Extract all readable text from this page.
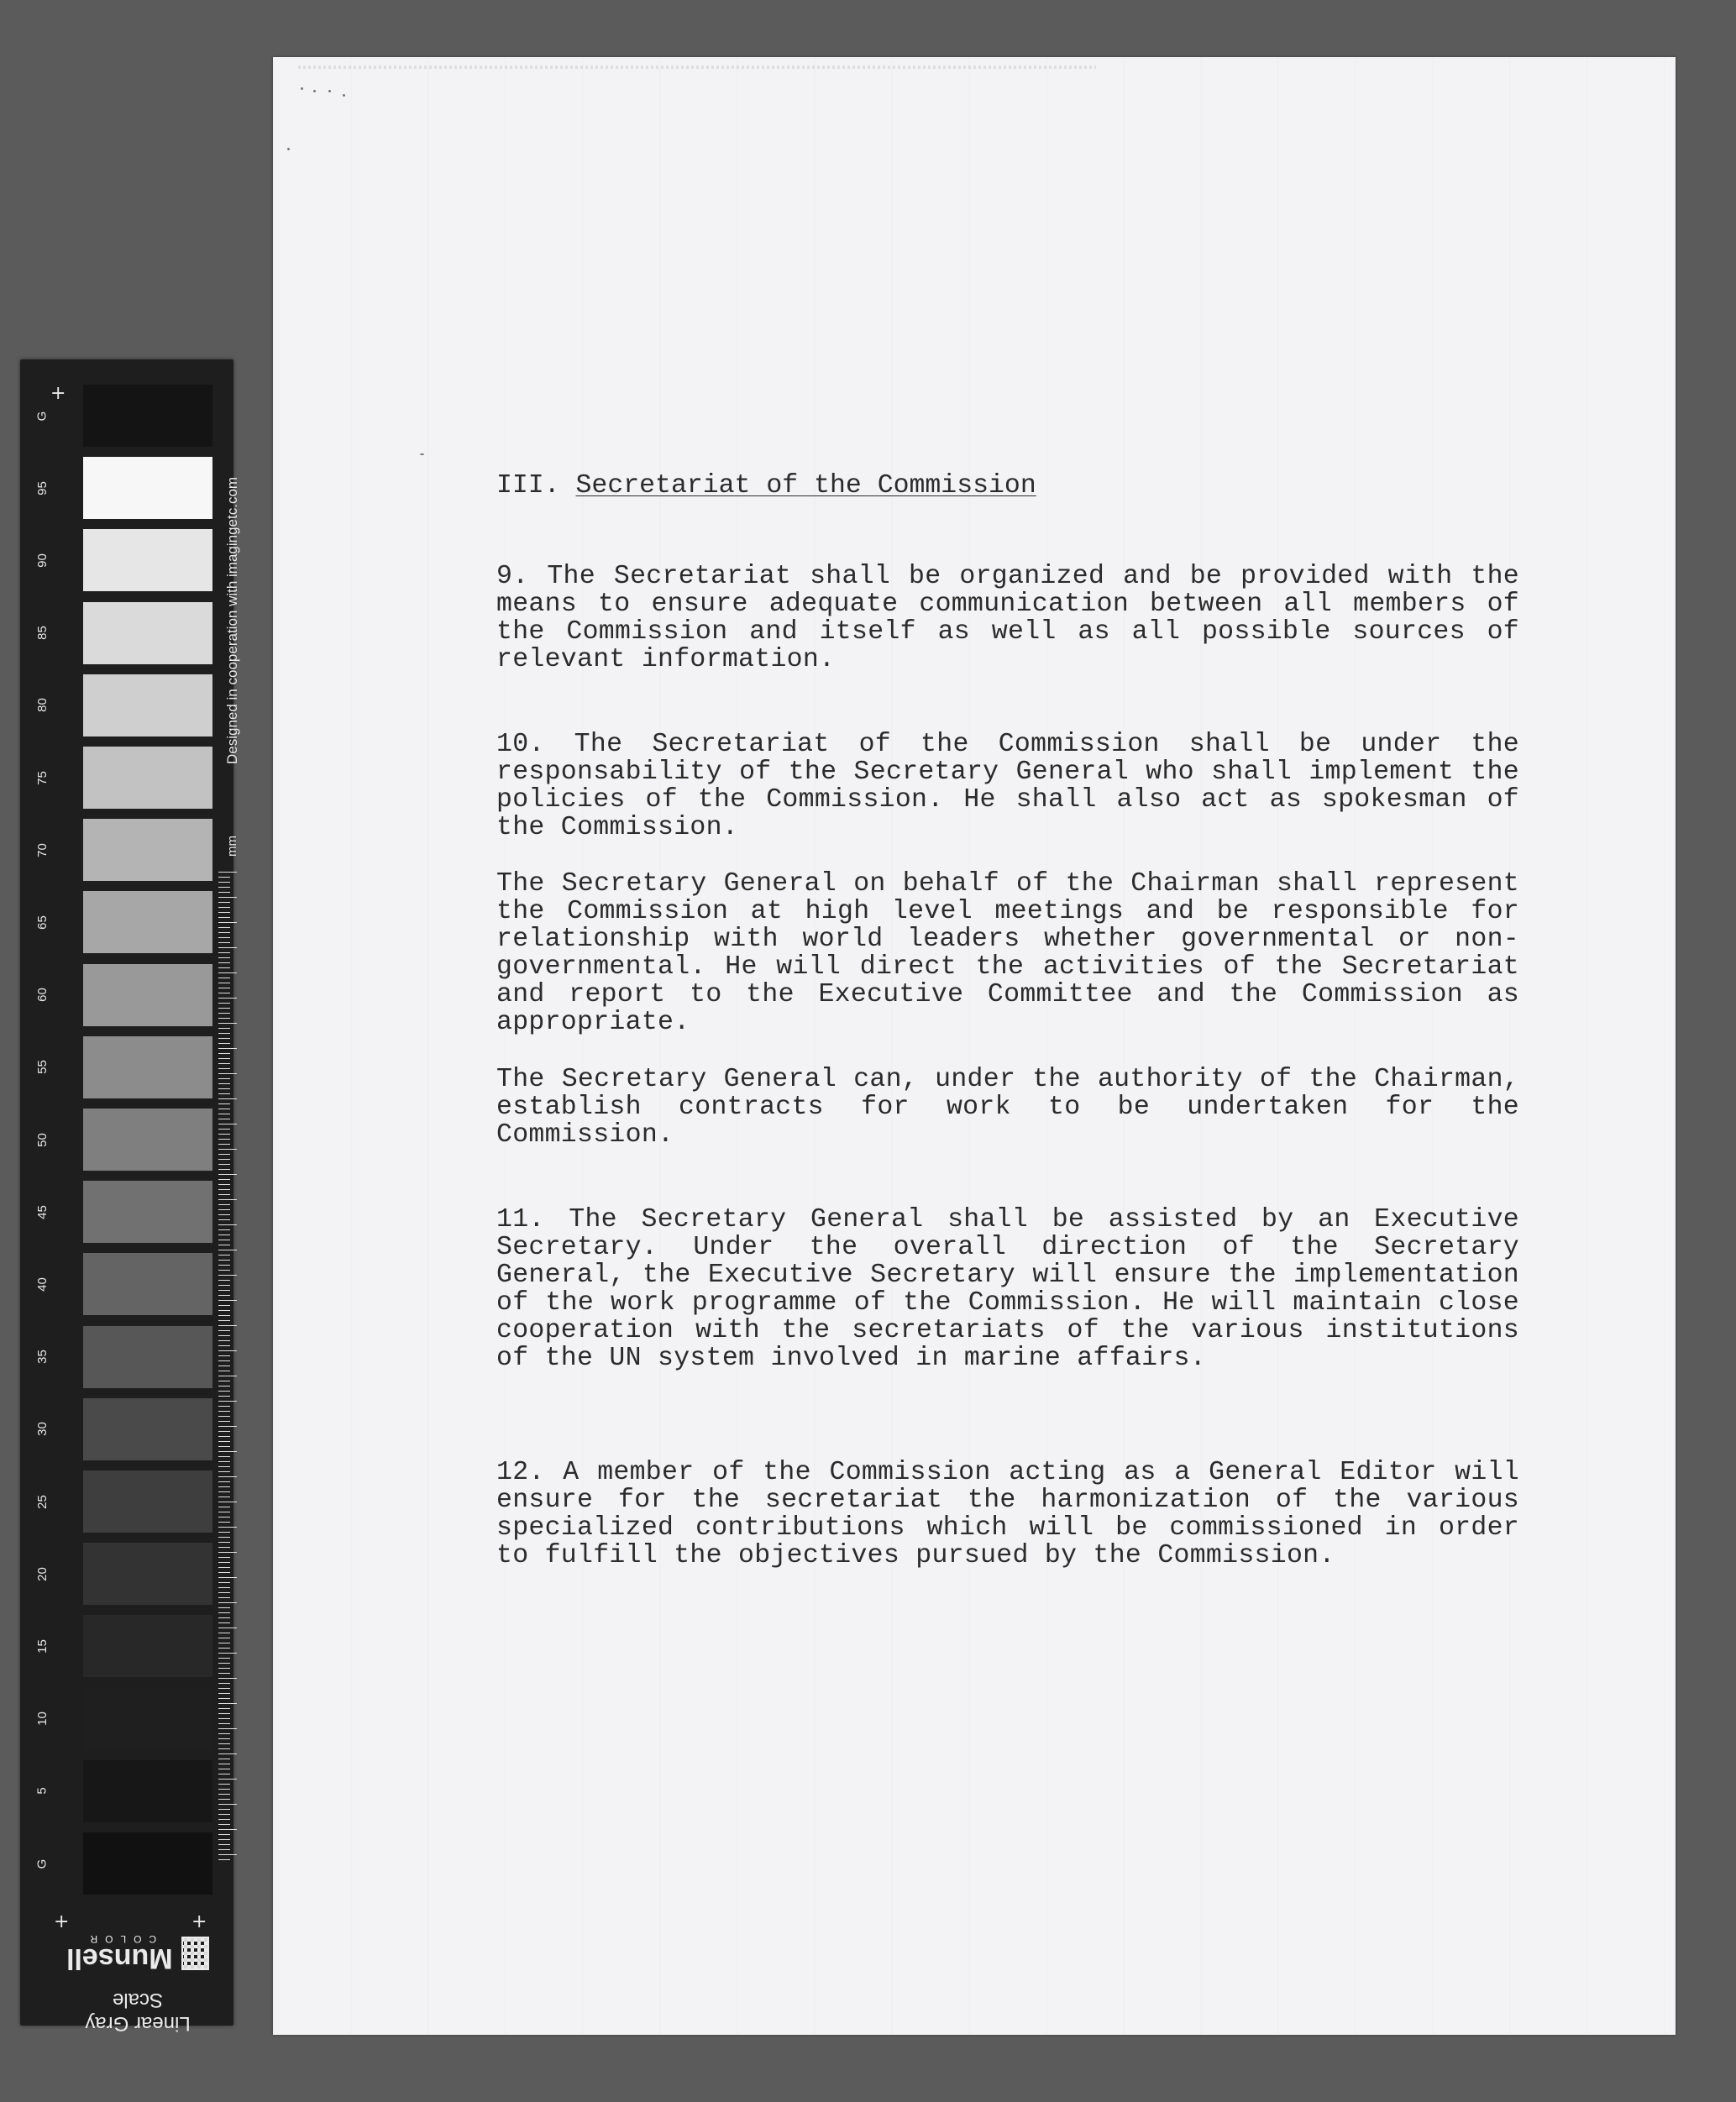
+
+	+
G
95
90
85
80
75
70
65
60
55
50
45
40
35
30
25
20
15
10
5
G
Designed in cooperation with imagingetc.com
mm
Linear Gray Scale
Munsell
COLOR
III. Secretariat of the Commission

9. The Secretariat shall be organized and be provided with the means to ensure adequate communication between all members of the Commission and itself as well as all possible sources of relevant information.

10. The Secretariat of the Commission shall be under the responsability of the Secretary General who shall implement the policies of the Commission. He shall also act as spokesman of the Commission.

The Secretary General on behalf of the Chairman shall represent the Commission at high level meetings and be responsible for relationship with world leaders whether governmental or non-governmental. He will direct the activities of the Secretariat and report to the Executive Committee and the Commission as appropriate.

The Secretary General can, under the authority of the Chairman, establish contracts for work to be undertaken for the Commission.

11. The Secretary General shall be assisted by an Executive Secretary. Under the overall direction of the Secretary General, the Executive Secretary will ensure the implementation of the work programme of the Commission. He will maintain close cooperation with the secretariats of the various institutions of the UN system involved in marine affairs.

12. A member of the Commission acting as a General Editor will ensure for the secretariat the harmonization of the various specialized contributions which will be commissioned in order to fulfill the objectives pursued by the Commission.
